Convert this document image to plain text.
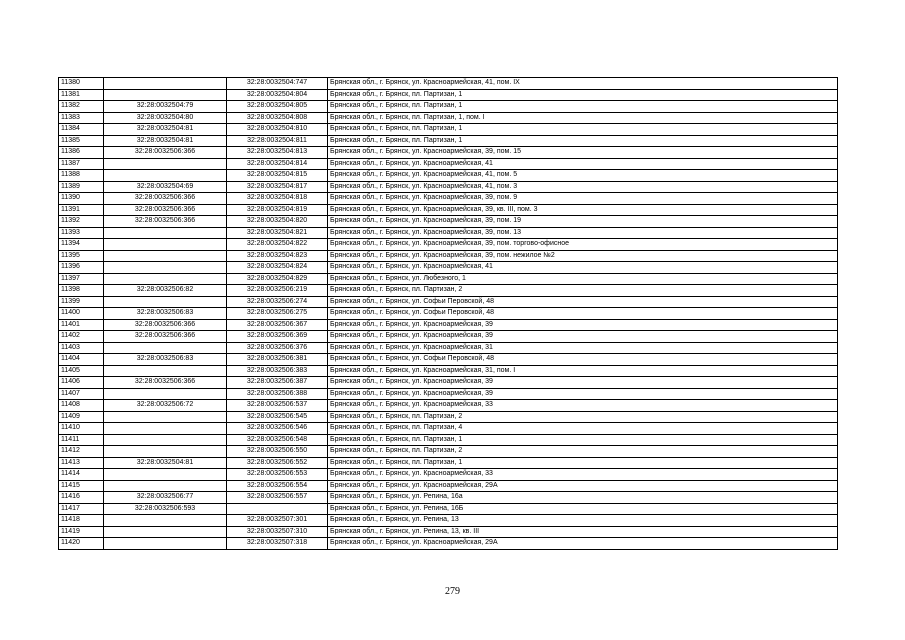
11380		32:28:0032504:747	Брянская обл., г. Брянск, ул. Красноармейская, 41, пом. IX
11381		32:28:0032504:804	Брянская обл., г. Брянск, пл. Партизан, 1
11382	32:28:0032504:79	32:28:0032504:805	Брянская обл., г. Брянск, пл. Партизан, 1
11383	32:28:0032504:80	32:28:0032504:808	Брянская обл., г. Брянск, пл. Партизан, 1, пом. I
11384	32:28:0032504:81	32:28:0032504:810	Брянская обл., г. Брянск, пл. Партизан, 1
11385	32:28:0032504:81	32:28:0032504:811	Брянская обл., г. Брянск, пл. Партизан, 1
11386	32:28:0032506:366	32:28:0032504:813	Брянская обл., г. Брянск, ул. Красноармейская, 39, пом. 15
11387		32:28:0032504:814	Брянская обл., г. Брянск, ул. Красноармейская, 41
11388		32:28:0032504:815	Брянская обл., г. Брянск, ул. Красноармейская, 41, пом. 5
11389	32:28:0032504:69	32:28:0032504:817	Брянская обл., г. Брянск, ул. Красноармейская, 41, пом. 3
11390	32:28:0032506:366	32:28:0032504:818	Брянская обл., г. Брянск, ул. Красноармейская, 39, пом. 9
11391	32:28:0032506:366	32:28:0032504:819	Брянская обл., г. Брянск, ул. Красноармейская, 39, кв. III, пом. 3
11392	32:28:0032506:366	32:28:0032504:820	Брянская обл., г. Брянск, ул. Красноармейская, 39, пом. 19
11393		32:28:0032504:821	Брянская обл., г. Брянск, ул. Красноармейская, 39, пом. 13
11394		32:28:0032504:822	Брянская обл., г. Брянск, ул. Красноармейская, 39, пом. торгово-офисное
11395		32:28:0032504:823	Брянская обл., г. Брянск, ул. Красноармейская, 39, пом. нежилое №2
11396		32:28:0032504:824	Брянская обл., г. Брянск, ул. Красноармейская, 41
11397		32:28:0032504:829	Брянская обл., г. Брянск, ул. Любезного, 1
11398	32:28:0032506:82	32:28:0032506:219	Брянская обл., г. Брянск, пл. Партизан, 2
11399		32:28:0032506:274	Брянская обл., г. Брянск, ул. Софьи Перовской, 48
11400	32:28:0032506:83	32:28:0032506:275	Брянская обл., г. Брянск, ул. Софьи Перовской, 48
11401	32:28:0032506:366	32:28:0032506:367	Брянская обл., г. Брянск, ул. Красноармейская, 39
11402	32:28:0032506:366	32:28:0032506:369	Брянская обл., г. Брянск, ул. Красноармейская, 39
11403		32:28:0032506:376	Брянская обл., г. Брянск, ул. Красноармейская, 31
11404	32:28:0032506:83	32:28:0032506:381	Брянская обл., г. Брянск, ул. Софьи Перовской, 48
11405		32:28:0032506:383	Брянская обл., г. Брянск, ул. Красноармейская, 31, пом. I
11406	32:28:0032506:366	32:28:0032506:387	Брянская обл., г. Брянск, ул. Красноармейская, 39
11407		32:28:0032506:388	Брянская обл., г. Брянск, ул. Красноармейская, 39
11408	32:28:0032506:72	32:28:0032506:537	Брянская обл., г. Брянск, ул. Красноармейская, 33
11409		32:28:0032506:545	Брянская обл., г. Брянск, пл. Партизан, 2
11410		32:28:0032506:546	Брянская обл., г. Брянск, пл. Партизан, 4
11411		32:28:0032506:548	Брянская обл., г. Брянск, пл. Партизан, 1
11412		32:28:0032506:550	Брянская обл., г. Брянск, пл. Партизан, 2
11413	32:28:0032504:81	32:28:0032506:552	Брянская обл., г. Брянск, пл. Партизан, 1
11414		32:28:0032506:553	Брянская обл., г. Брянск, ул. Красноармейская, 33
11415		32:28:0032506:554	Брянская обл., г. Брянск, ул. Красноармейская, 29А
11416	32:28:0032506:77	32:28:0032506:557	Брянская обл., г. Брянск, ул. Репина, 16а
11417	32:28:0032506:593		Брянская обл., г. Брянск, ул. Репина, 16Б
11418		32:28:0032507:301	Брянская обл., г. Брянск, ул. Репина, 13
11419		32:28:0032507:310	Брянская обл., г. Брянск, ул. Репина, 13, кв. III
11420		32:28:0032507:318	Брянская обл., г. Брянск, ул. Красноармейская, 29А
279
